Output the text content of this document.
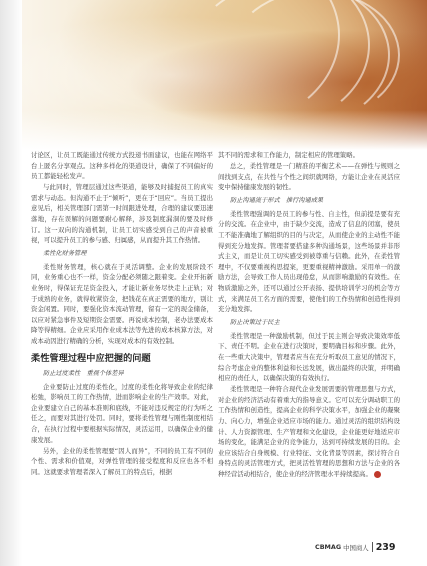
讨论区，让员工既能通过传统方式投递书面建议，也能在网络平台上匿名分享观点。这种多样化的渠道设计，确保了不同偏好的员工都能轻松发声。

与此同时，管理层通过这些渠道，能够及时捕捉员工的真实需求与动态。但沟通不止于“倾听”，更在于“回应”。当员工提出意见后，相关管理部门需第一时间跟进处理，合理的建议要迅速落地，存在误解的问题要耐心解释，涉及制度漏洞的要及时修订。这一双向的沟通机制，让员工切实感受到自己的声音被重视，可以提升员工的参与感、归属感，从而提升其工作热情。

柔性化财务管理

柔性财务管理，核心就在于灵活调整。企业的发展阶段不同，业务重心也不一样，资金分配必须随之跟着变。企业开拓新业务时，得保证充足资金投入，才能让新业务尽快走上正轨；对于成熟的业务，就得收紧资金，把钱花在真正需要的地方，别让资金闲置。同时，要强化资本流动管理，留有一定的现金储备，以应对紧急事件及短期资金需要。再说成本控制，老办法要成本降等得精细。企业应采用作业成本法等先进的成本核算方法，对成本动因进行精确的分析，实现对成本的有效控制。

柔性管理过程中应把握的问题
防止过度柔性　重视个体差异

企业要防止过度的柔性化，过度的柔性化将导致企业的纪律松弛，影响员工的工作热情，进而影响企业的生产效率。对此，企业要建立自己的基本准则和底线，不能对违反规定的行为听之任之，而要对其进行处罚。同时，要将柔性管理与刚性制度相结合，在执行过程中要根据实际情况，灵活运用，以确保企业的健康发展。

另外，企业的柔性管理要“因人而异”，不同的员工有不同的个性、需求和价值观，对弹性管理的接受程度和反应也各不相同。这就要求管理者深入了解员工的特点后，根据

其不同的需求和工作能力，制定相应的管理策略。

总之，柔性管理是一门精准的平衡艺术——在弹性与规则之间找到支点，在共性与个性之间织就网络，方能让企业在灵活应变中保持健康发展的韧性。

防止沟通流于形式　推行沟通成果

柔性管理强调的是员工的参与性、自主性，但前提是要有充分的交流。在企业中，由于缺少交流，造成了信息的闭塞，使员工不能准确地了解组织的目的与决定，从而使企业的主动性不能得到充分地发挥。管理者要搭建多种沟通场景，这些场景并非形式主义，而是让员工切实感受到被尊重与信赖。此外，在柔性管理中，不仅要重视构思提案，更要重视精神激励。采用单一的激励方法，会导致工作人员出现倦怠，从而影响激励的有效性。在物质激励之外，还可以通过公开表扬、提供培训学习的机会等方式，来满足员工名方面的需要，使他们的工作热情和创造性得到充分地发挥。

防止决策过于民主

柔性管理是一种激励机制，但过于民主则会导致决策效率低下、责任不明。企业在进行决策时，要明确目标和步骤。此外，在一些重大决策中，管理者应当在充分听取员工意见的情况下，综合考虑企业的整体利益和长远发展，做出最终的决策，并明确相应的责任人，以确保决策的有效执行。

柔性管理是一种符合现代企业发展需要的管理思想与方式，对企业的经济活动有着重大的指导意义。它可以充分调动职工的工作热情和创造性，提高企业的科学决策水平，加强企业的凝聚力、向心力，增强企业适应市场的能力。通过灵活的组织结构设计、人力资源管理、生产管理和文化建设，企业能更好地适应市场的变化，能满足企业的竞争能力，达到可持续发展的目的。企业应该结合自身规模、行业特征、文化背景等因素，探讨符合自身特点的灵活管理方式，把灵活性管理的思想和方法与企业的各种经营活动相结合，使企业的经济管理水平持续提高。

CBMAG 中国商人 239
